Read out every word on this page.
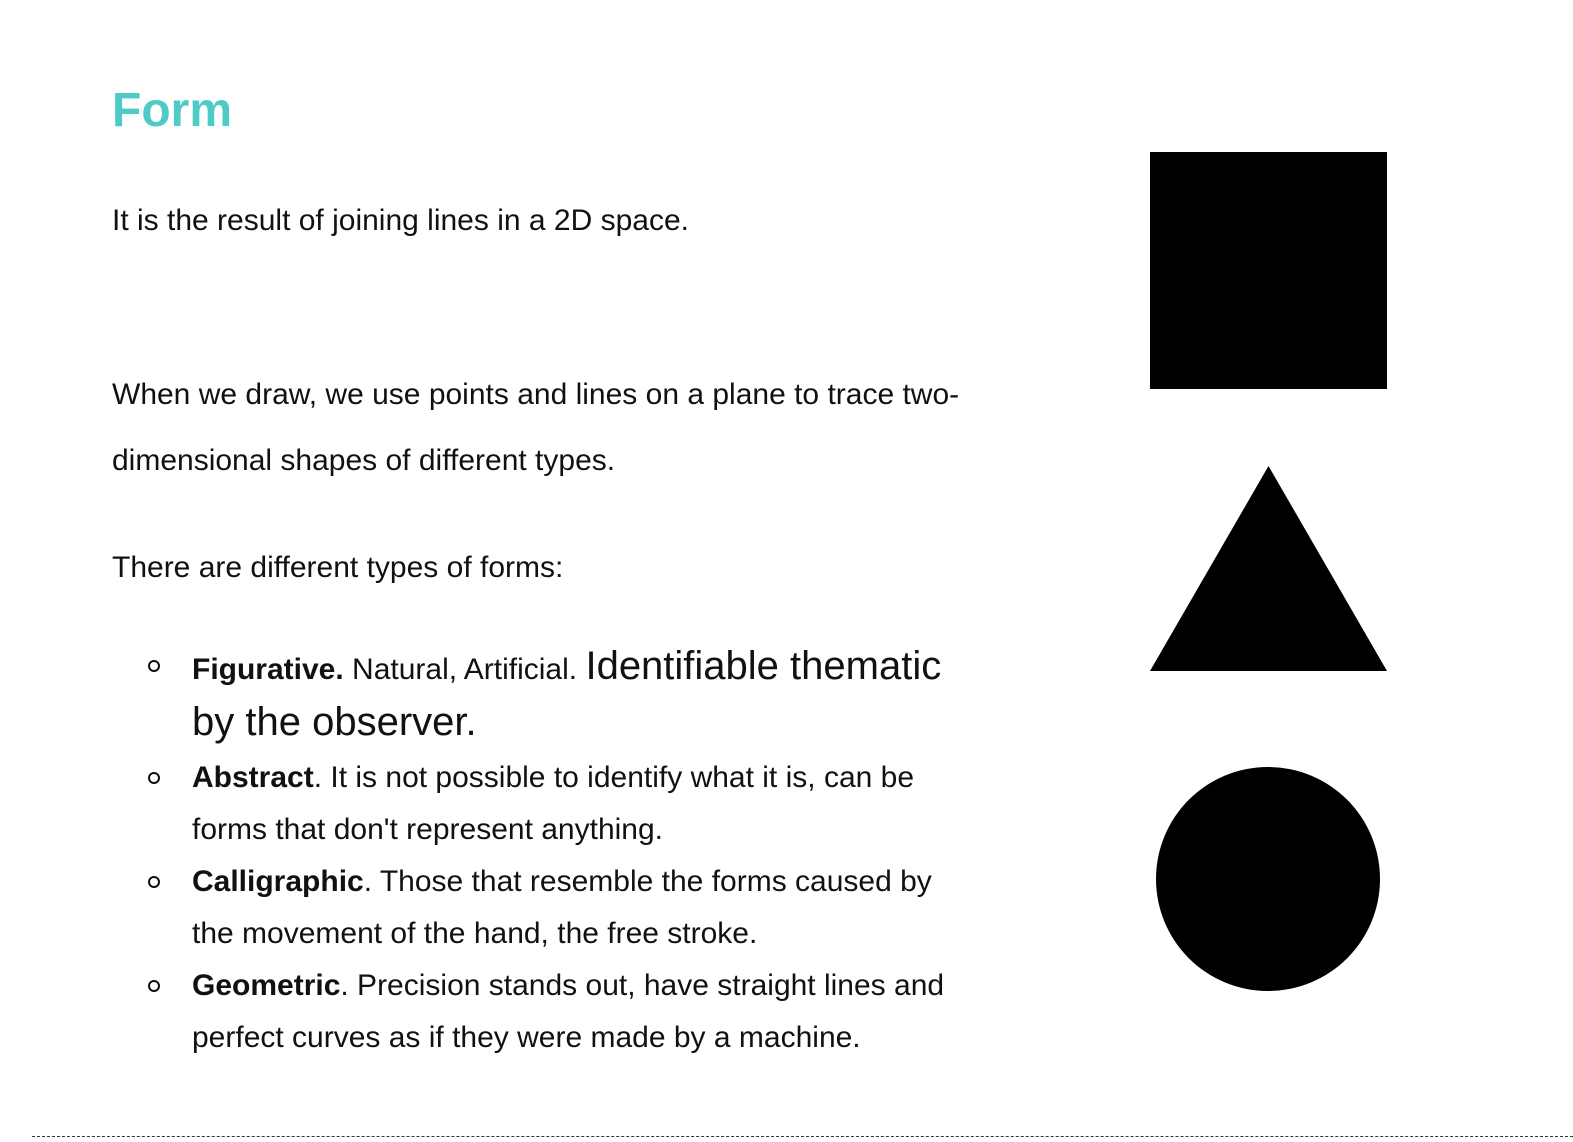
Form

It is the result of joining lines in a 2D space.

When we draw, we use points and lines on a plane to trace two-dimensional shapes of different types.

There are different types of forms:

Figurative. Natural, Artificial. Identifiable thematic by the observer.
Abstract. It is not possible to identify what it is, can be forms that don't represent anything.
Calligraphic. Those that resemble the forms caused by the movement of the hand, the free stroke.
Geometric. Precision stands out, have straight lines and perfect curves as if they were made by a machine.
